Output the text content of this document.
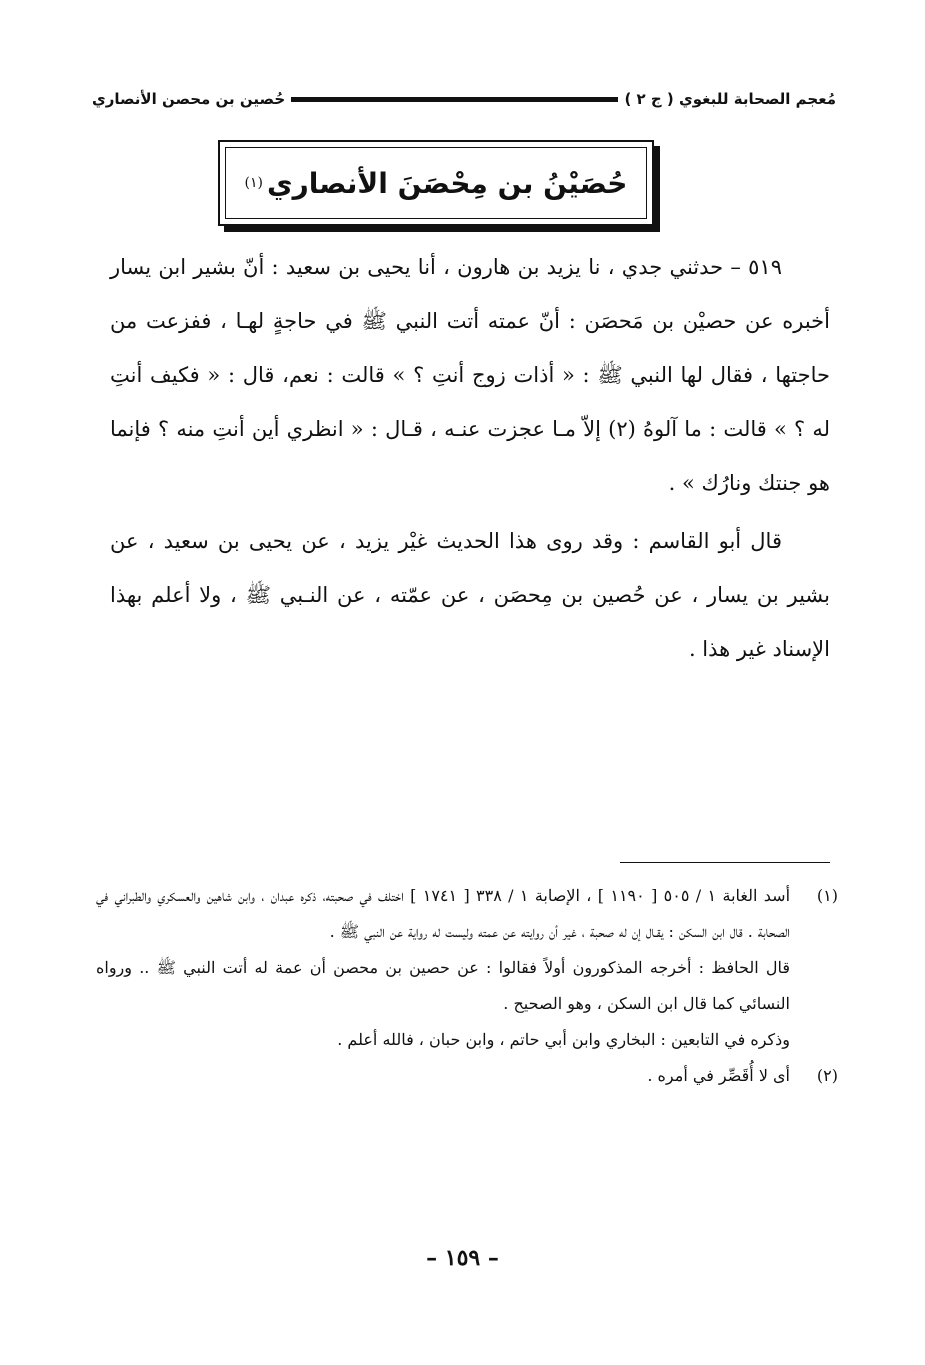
مُعجم الصحابة للبغوي ( ج ٢ )
حُصين بن محصن الأنصاري
حُصَيْنُ بن مِحْصَنَ الأنصاري
(١)

٥١٩ – حدثني جدي ، نا يزيد بن هارون ، أنا يحيى بن سعيد : أنّ بشير ابن يسار أخبره عن حصيْن بن مَحصَن : أنّ عمته أتت النبي ﷺ في حاجةٍ لهـا ، ففزعت من حاجتها ، فقال لها النبي ﷺ : « أذات زوج أنتِ ؟ » قالت : نعم، قال : « فكيف أنتِ له ؟ » قالت : ما آلوهُ (٢) إلاّ مـا عجزت عنـه ، قـال : « انظري أين أنتِ منه ؟ فإنما هو جنتك ونارُك » .

قال أبو القاسم : وقد روى هذا الحديث غيْر يزيد ، عن يحيى بن سعيد ، عن بشير بن يسار ، عن حُصين بن مِحصَن ، عن عمّته ، عن النـبي ﷺ ، ولا أعلم بهذا الإسناد غير هذا .

(١)

أسد الغابة ١ / ٥٠٥ [ ١١٩٠ ] ، الإصابة ١ / ٣٣٨ [ ١٧٤١ ] اختلف في صحبته، ذكره عبدان ، وابن شاهين والعسكري والطبراني في الصحابة . قال ابن السكن : يقـال إن له صحبة ، غير أن روايته عن عمته وليست له رواية عن النبي ﷺ .

قال الحافظ : أخرجه المذكورون أولاً فقالوا : عن حصين بن محصن أن عمة له أتت النبي ﷺ .. ورواه النسائي كما قال ابن السكن ، وهو الصحيح .

وذكره في التابعين : البخاري وابن أبي حاتم ، وابن حبان ، فالله أعلم .

(٢)

أى لا أُقَصِّر في أمره .

– ١٥٩ –
